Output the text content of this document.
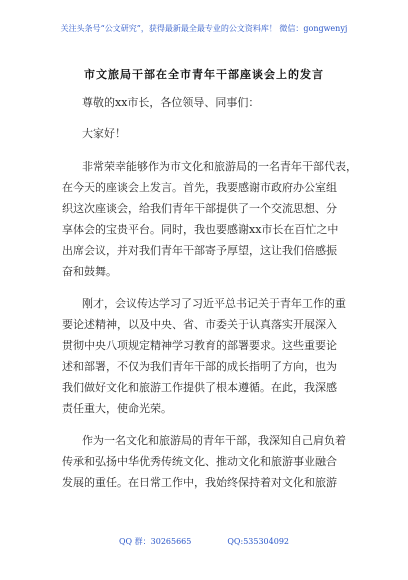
关注头条号“公文研究”，获得最新最全最专业的公文资料库！ 微信：gongwenyj
市文旅局干部在全市青年干部座谈会上的发言
尊敬的xx市长，各位领导、同事们：
大家好！
非常荣幸能够作为市文化和旅游局的一名青年干部代表，
在今天的座谈会上发言。首先，我要感谢市政府办公室组
织这次座谈会，给我们青年干部提供了一个交流思想、分
享体会的宝贵平台。同时，我也要感谢xx市长在百忙之中
出席会议，并对我们青年干部寄予厚望，这让我们倍感振
奋和鼓舞。
刚才，会议传达学习了习近平总书记关于青年工作的重
要论述精神，以及中央、省、市委关于认真落实开展深入
贯彻中央八项规定精神学习教育的部署要求。这些重要论
述和部署，不仅为我们青年干部的成长指明了方向，也为
我们做好文化和旅游工作提供了根本遵循。在此，我深感
责任重大，使命光荣。
作为一名文化和旅游局的青年干部，我深知自己肩负着
传承和弘扬中华优秀传统文化、推动文化和旅游事业融合
发展的重任。在日常工作中，我始终保持着对文化和旅游
QQ 群：30265665	QQ:535304092
